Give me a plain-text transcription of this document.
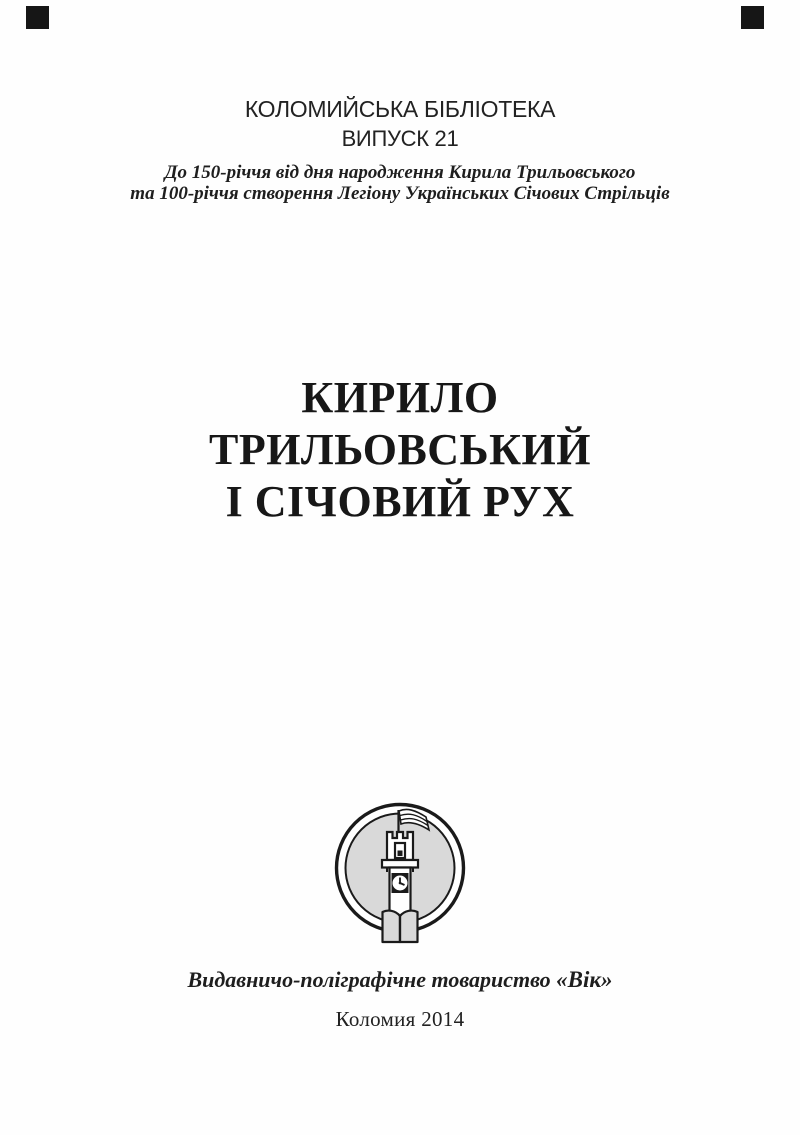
КОЛОМИЙСЬКА БІБЛІОТЕКА
ВИПУСК 21
До 150-річчя від дня народження Кирила Трильовського
та 100-річчя створення Легіону Українських Січових Стрільців
КИРИЛО
ТРИЛЬОВСЬКИЙ
І СІЧОВИЙ РУХ
Видавничо-поліграфічне товариство «Вік»
Коломия 2014
